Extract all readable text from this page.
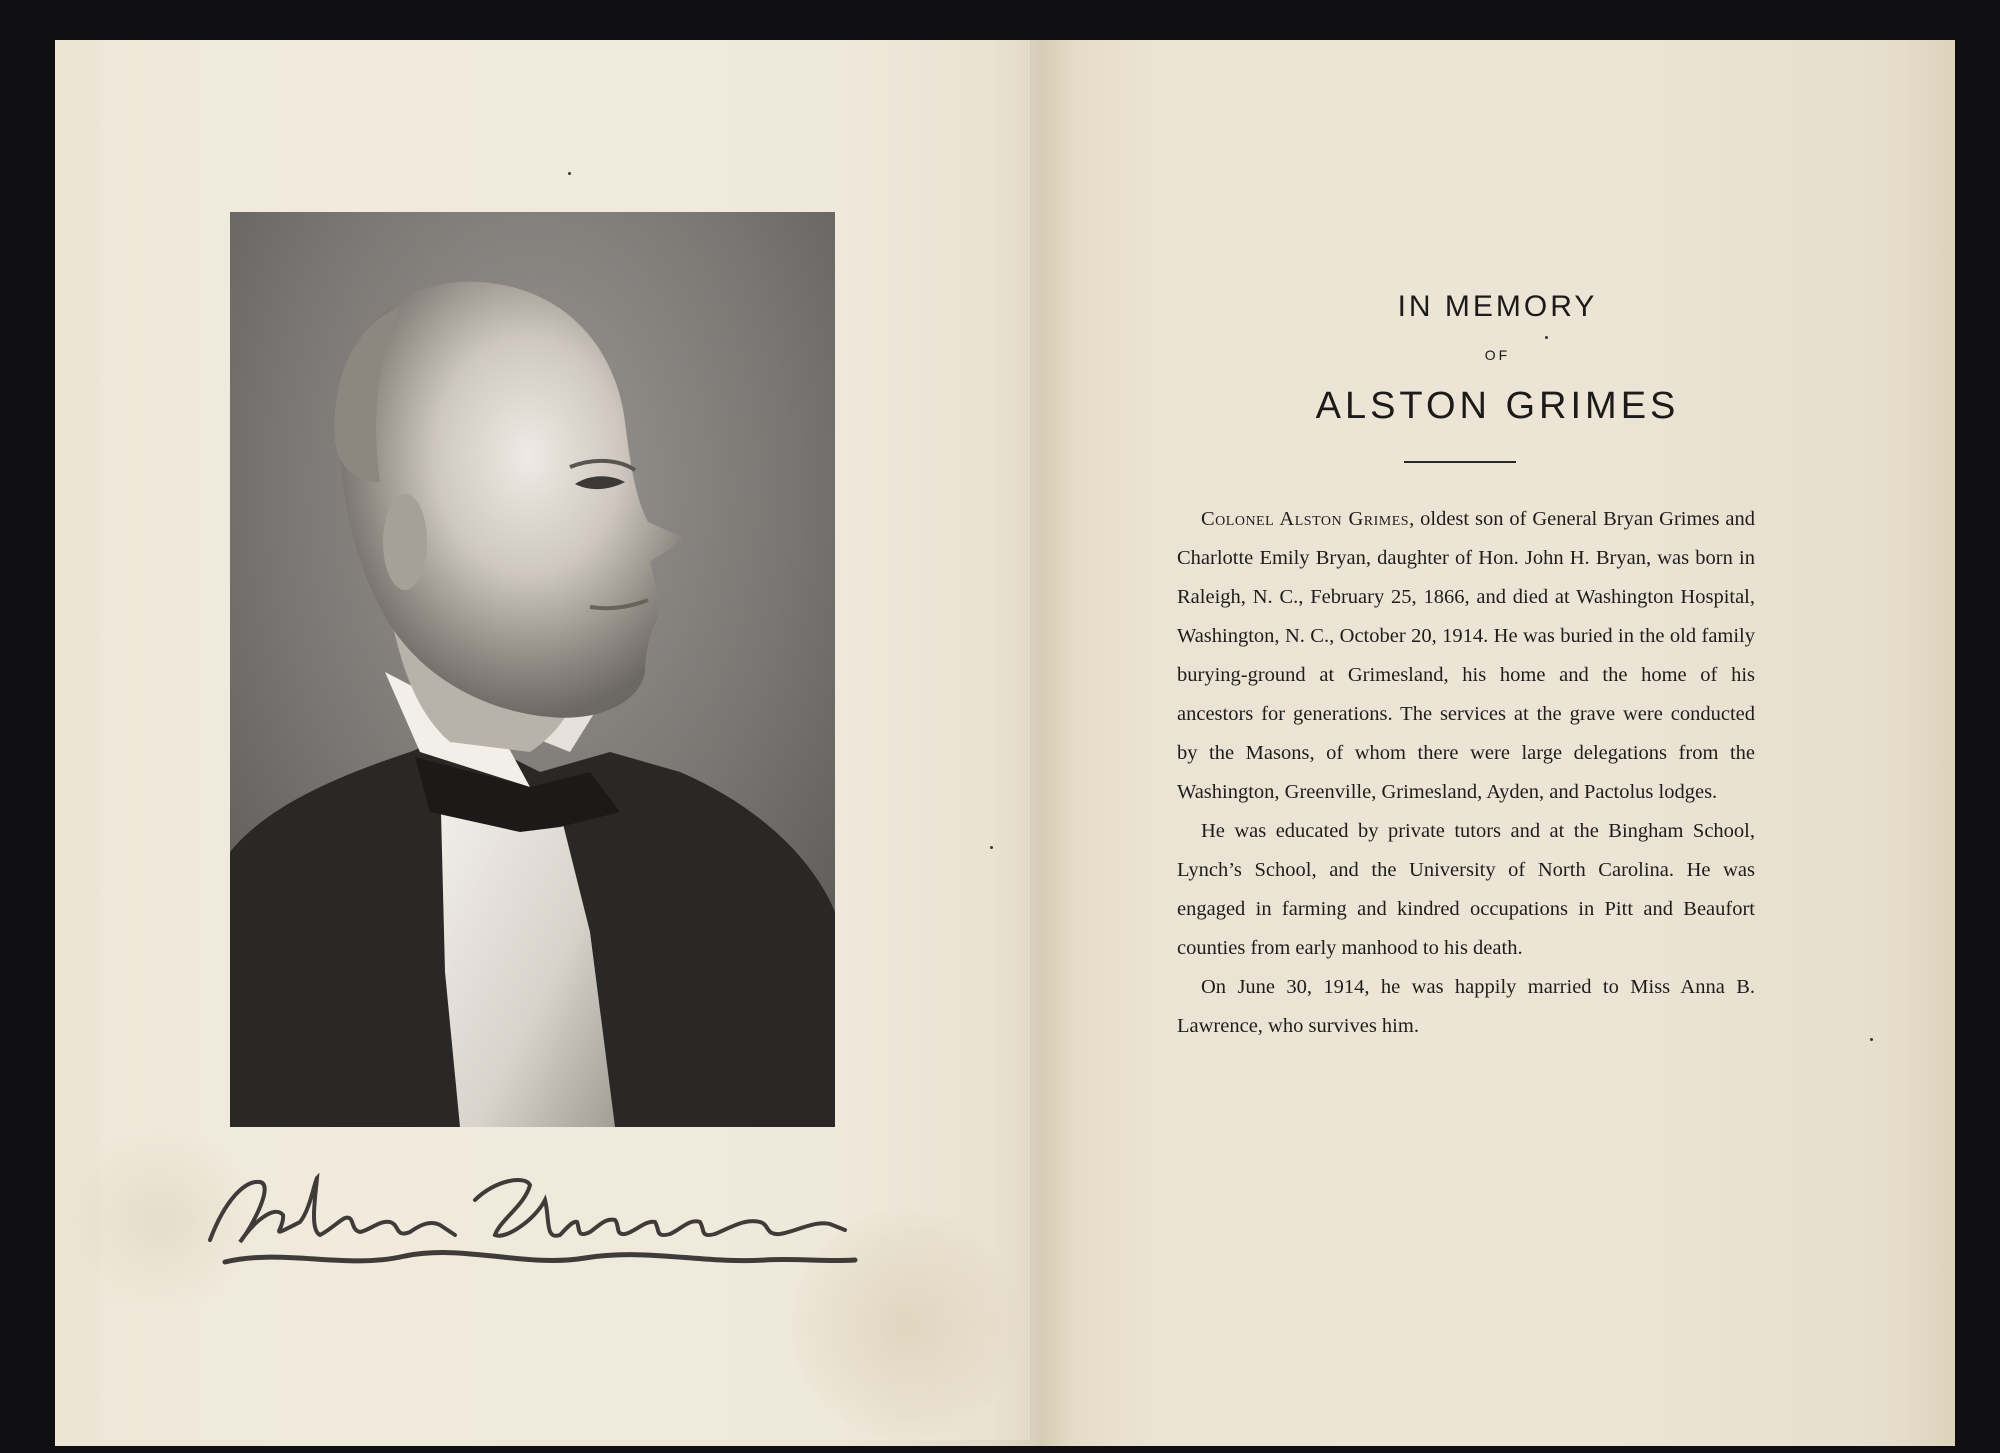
IN MEMORY
OF
ALSTON GRIMES

Colonel Alston Grimes, oldest son of General Bryan Grimes and Charlotte Emily Bryan, daughter of Hon. John H. Bryan, was born in Raleigh, N. C., February 25, 1866, and died at Washington Hospital, Washington, N. C., October 20, 1914. He was buried in the old family burying-ground at Grimesland, his home and the home of his ancestors for generations. The services at the grave were conducted by the Masons, of whom there were large delegations from the Washington, Greenville, Grimesland, Ayden, and Pactolus lodges.

He was educated by private tutors and at the Bingham School, Lynch’s School, and the University of North Carolina. He was engaged in farming and kindred occupations in Pitt and Beaufort counties from early manhood to his death.

On June 30, 1914, he was happily married to Miss Anna B. Lawrence, who survives him.
